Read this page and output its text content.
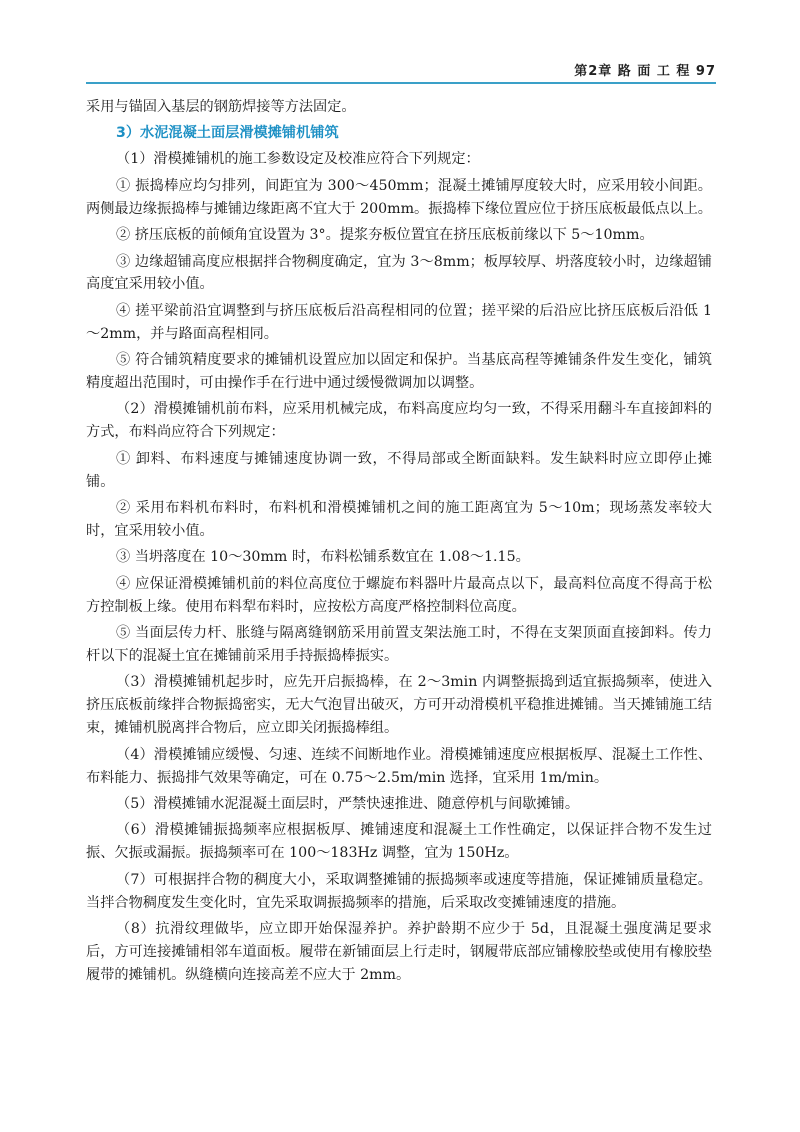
第2章 路 面 工 程 97

采用与锚固入基层的钢筋焊接等方法固定。

3）水泥混凝土面层滑模摊铺机铺筑

（1）滑模摊铺机的施工参数设定及校准应符合下列规定：

① 振捣棒应均匀排列，间距宜为 300～450mm；混凝土摊铺厚度较大时，应采用较小间距。两侧最边缘振捣棒与摊铺边缘距离不宜大于 200mm。振捣棒下缘位置应位于挤压底板最低点以上。

② 挤压底板的前倾角宜设置为 3°。提浆夯板位置宜在挤压底板前缘以下 5～10mm。

③ 边缘超铺高度应根据拌合物稠度确定，宜为 3～8mm；板厚较厚、坍落度较小时，边缘超铺高度宜采用较小值。

④ 搓平梁前沿宜调整到与挤压底板后沿高程相同的位置；搓平梁的后沿应比挤压底板后沿低 1～2mm，并与路面高程相同。

⑤ 符合铺筑精度要求的摊铺机设置应加以固定和保护。当基底高程等摊铺条件发生变化，铺筑精度超出范围时，可由操作手在行进中通过缓慢微调加以调整。

（2）滑模摊铺机前布料，应采用机械完成，布料高度应均匀一致，不得采用翻斗车直接卸料的方式，布料尚应符合下列规定：

① 卸料、布料速度与摊铺速度协调一致，不得局部或全断面缺料。发生缺料时应立即停止摊铺。

② 采用布料机布料时，布料机和滑模摊铺机之间的施工距离宜为 5～10m；现场蒸发率较大时，宜采用较小值。

③ 当坍落度在 10～30mm 时，布料松铺系数宜在 1.08～1.15。

④ 应保证滑模摊铺机前的料位高度位于螺旋布料器叶片最高点以下，最高料位高度不得高于松方控制板上缘。使用布料犁布料时，应按松方高度严格控制料位高度。

⑤ 当面层传力杆、胀缝与隔离缝钢筋采用前置支架法施工时，不得在支架顶面直接卸料。传力杆以下的混凝土宜在摊铺前采用手持振捣棒振实。

（3）滑模摊铺机起步时，应先开启振捣棒，在 2～3min 内调整振捣到适宜振捣频率，使进入挤压底板前缘拌合物振捣密实，无大气泡冒出破灭，方可开动滑模机平稳推进摊铺。当天摊铺施工结束，摊铺机脱离拌合物后，应立即关闭振捣棒组。

（4）滑模摊铺应缓慢、匀速、连续不间断地作业。滑模摊铺速度应根据板厚、混凝土工作性、布料能力、振捣排气效果等确定，可在 0.75～2.5m/min 选择，宜采用 1m/min。

（5）滑模摊铺水泥混凝土面层时，严禁快速推进、随意停机与间歇摊铺。

（6）滑模摊铺振捣频率应根据板厚、摊铺速度和混凝土工作性确定，以保证拌合物不发生过振、欠振或漏振。振捣频率可在 100～183Hz 调整，宜为 150Hz。

（7）可根据拌合物的稠度大小，采取调整摊铺的振捣频率或速度等措施，保证摊铺质量稳定。当拌合物稠度发生变化时，宜先采取调振捣频率的措施，后采取改变摊铺速度的措施。

（8）抗滑纹理做毕，应立即开始保湿养护。养护龄期不应少于 5d，且混凝土强度满足要求后，方可连接摊铺相邻车道面板。履带在新铺面层上行走时，钢履带底部应铺橡胶垫或使用有橡胶垫履带的摊铺机。纵缝横向连接高差不应大于 2mm。
